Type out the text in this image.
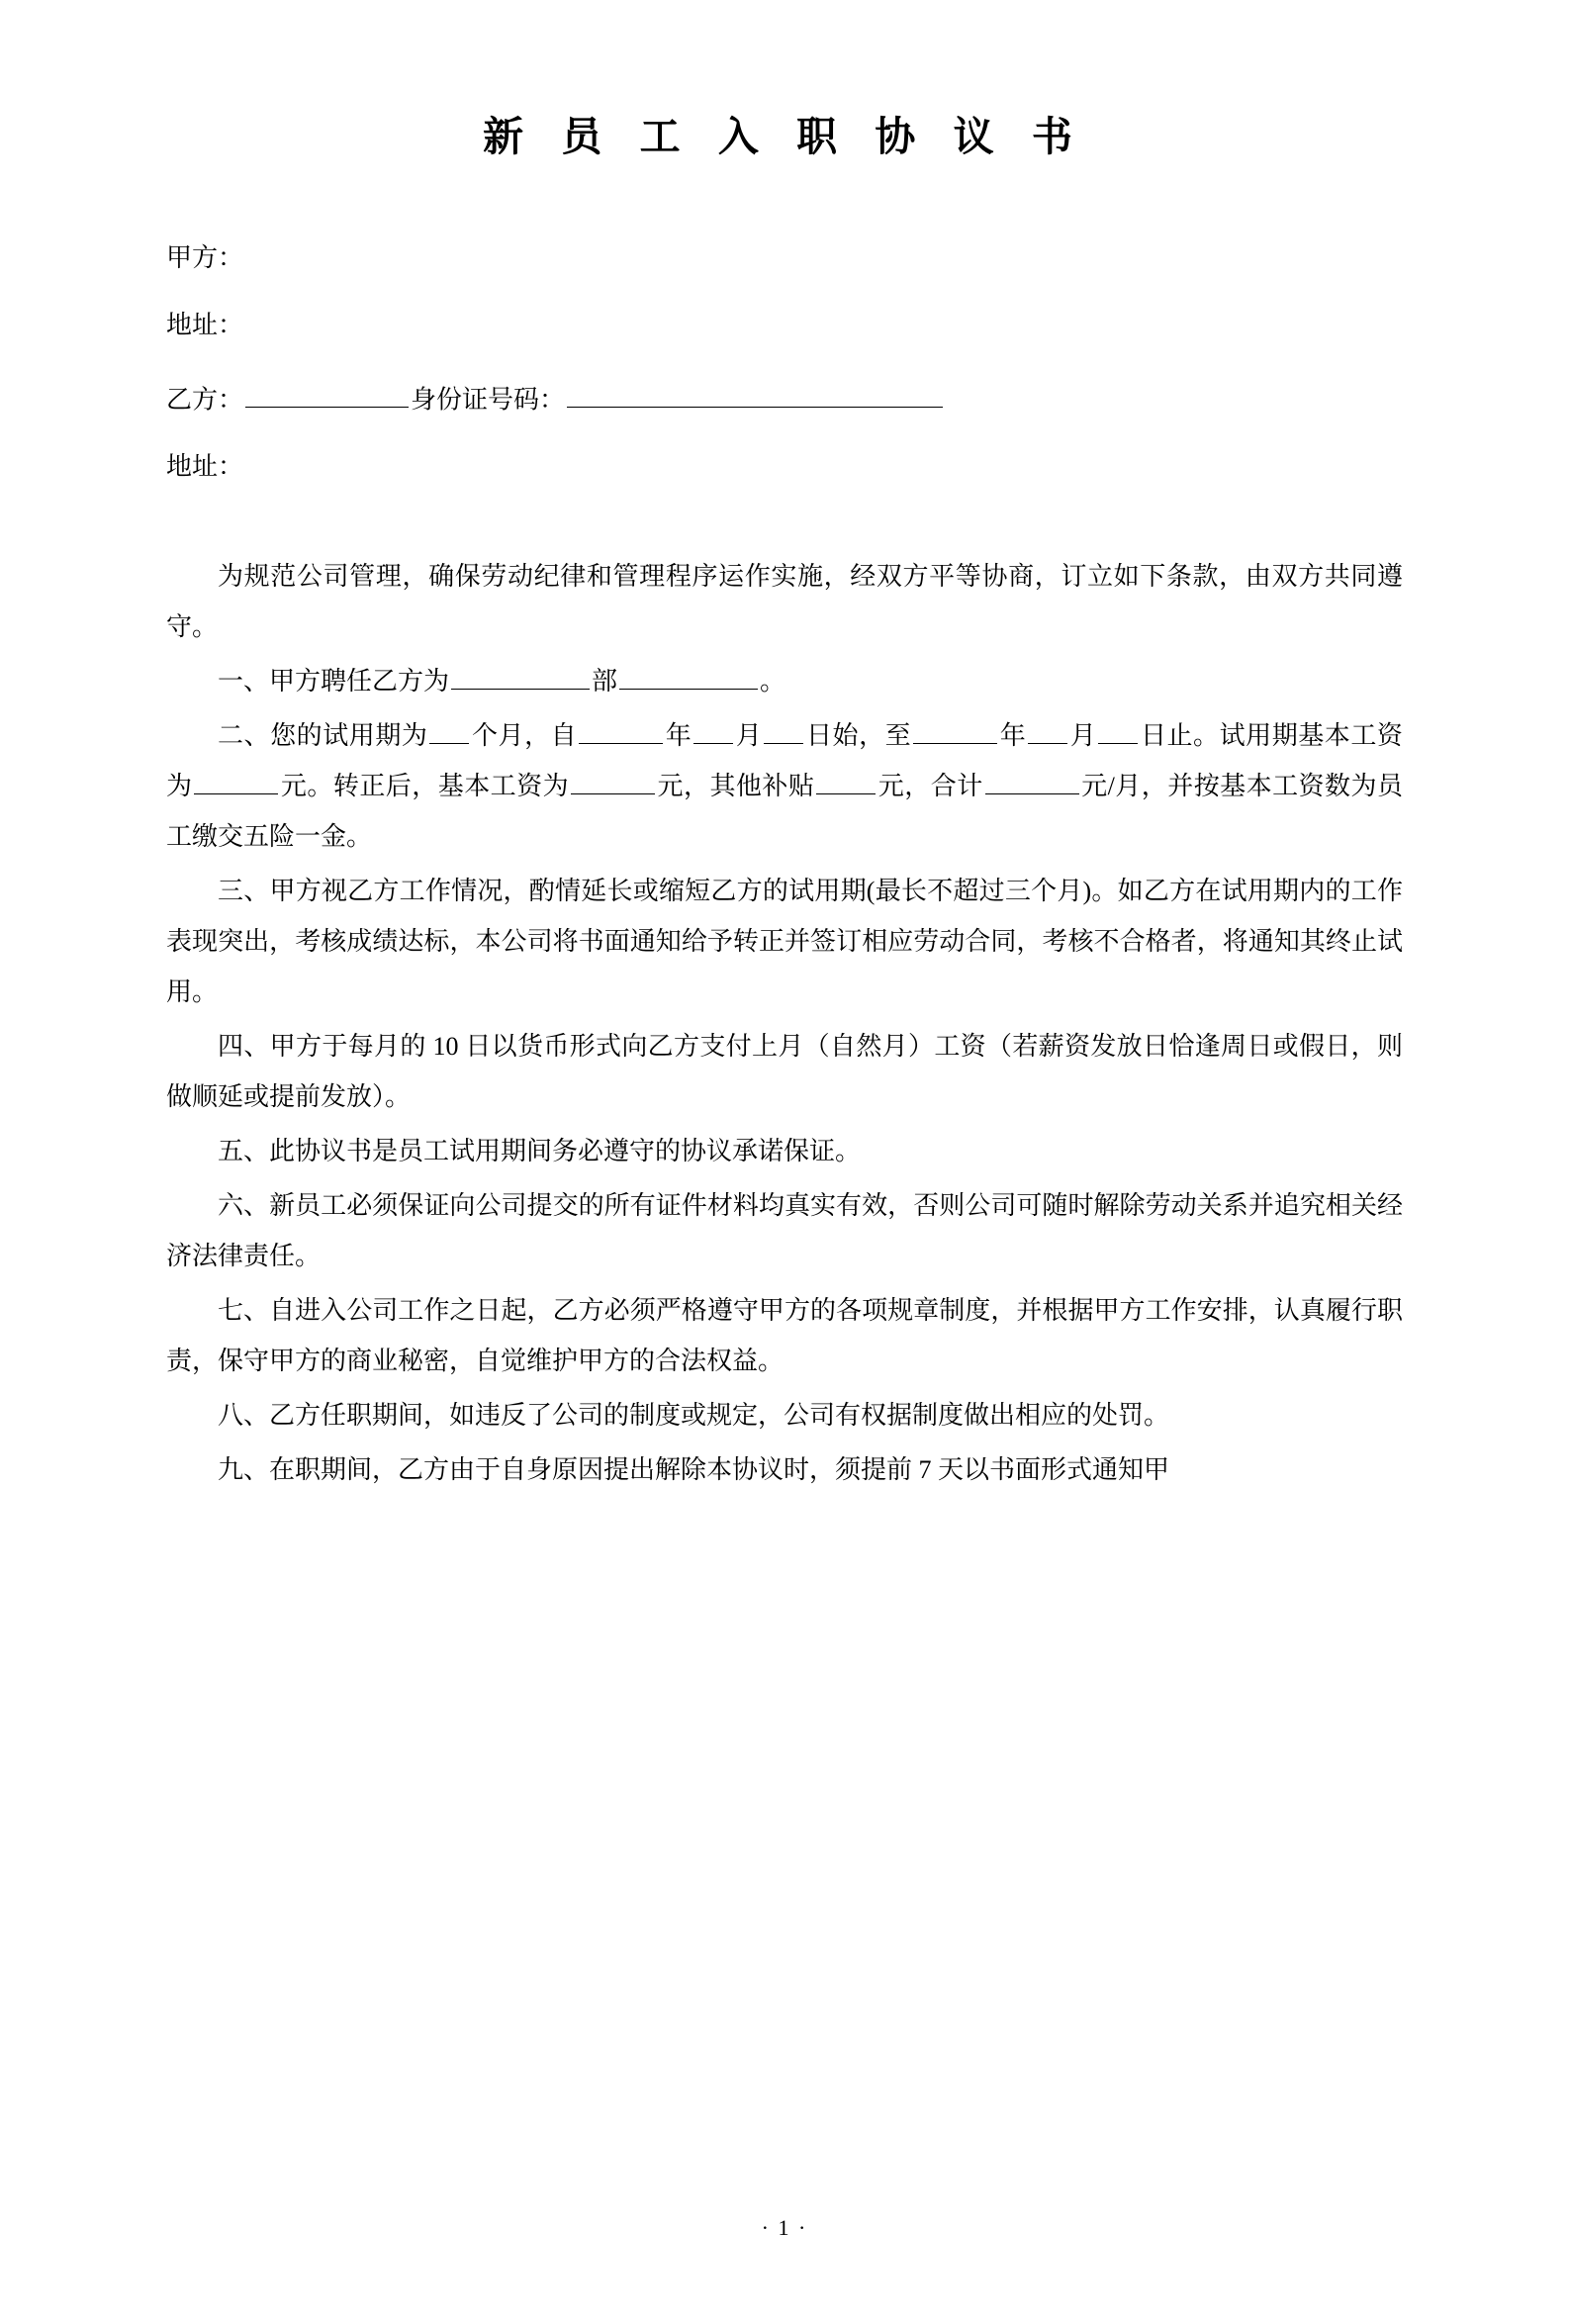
新 员 工 入 职 协 议 书
甲方：
地址：
乙方：	身份证号码：
地址：

为规范公司管理，确保劳动纪律和管理程序运作实施，经双方平等协商，订立如下条款，由双方共同遵守。

一、甲方聘任乙方为	部	。

二、您的试用期为 个月，自	年 月 日始，至	年 月 日止。试用期基本工资为	元。转正后，基本工资为	元，其他补贴 元，合计	元/月，并按基本工资数为员工缴交五险一金。

三、甲方视乙方工作情况，酌情延长或缩短乙方的试用期(最长不超过三个月)。如乙方在试用期内的工作表现突出，考核成绩达标，本公司将书面通知给予转正并签订相应劳动合同，考核不合格者，将通知其终止试用。

四、甲方于每月的 10 日以货币形式向乙方支付上月（自然月）工资（若薪资发放日恰逢周日或假日，则做顺延或提前发放）。

五、此协议书是员工试用期间务必遵守的协议承诺保证。

六、新员工必须保证向公司提交的所有证件材料均真实有效，否则公司可随时解除劳动关系并追究相关经济法律责任。

七、自进入公司工作之日起，乙方必须严格遵守甲方的各项规章制度，并根据甲方工作安排，认真履行职责，保守甲方的商业秘密，自觉维护甲方的合法权益。

八、乙方任职期间，如违反了公司的制度或规定，公司有权据制度做出相应的处罚。

九、在职期间，乙方由于自身原因提出解除本协议时，须提前 7 天以书面形式通知甲

· 1 ·
